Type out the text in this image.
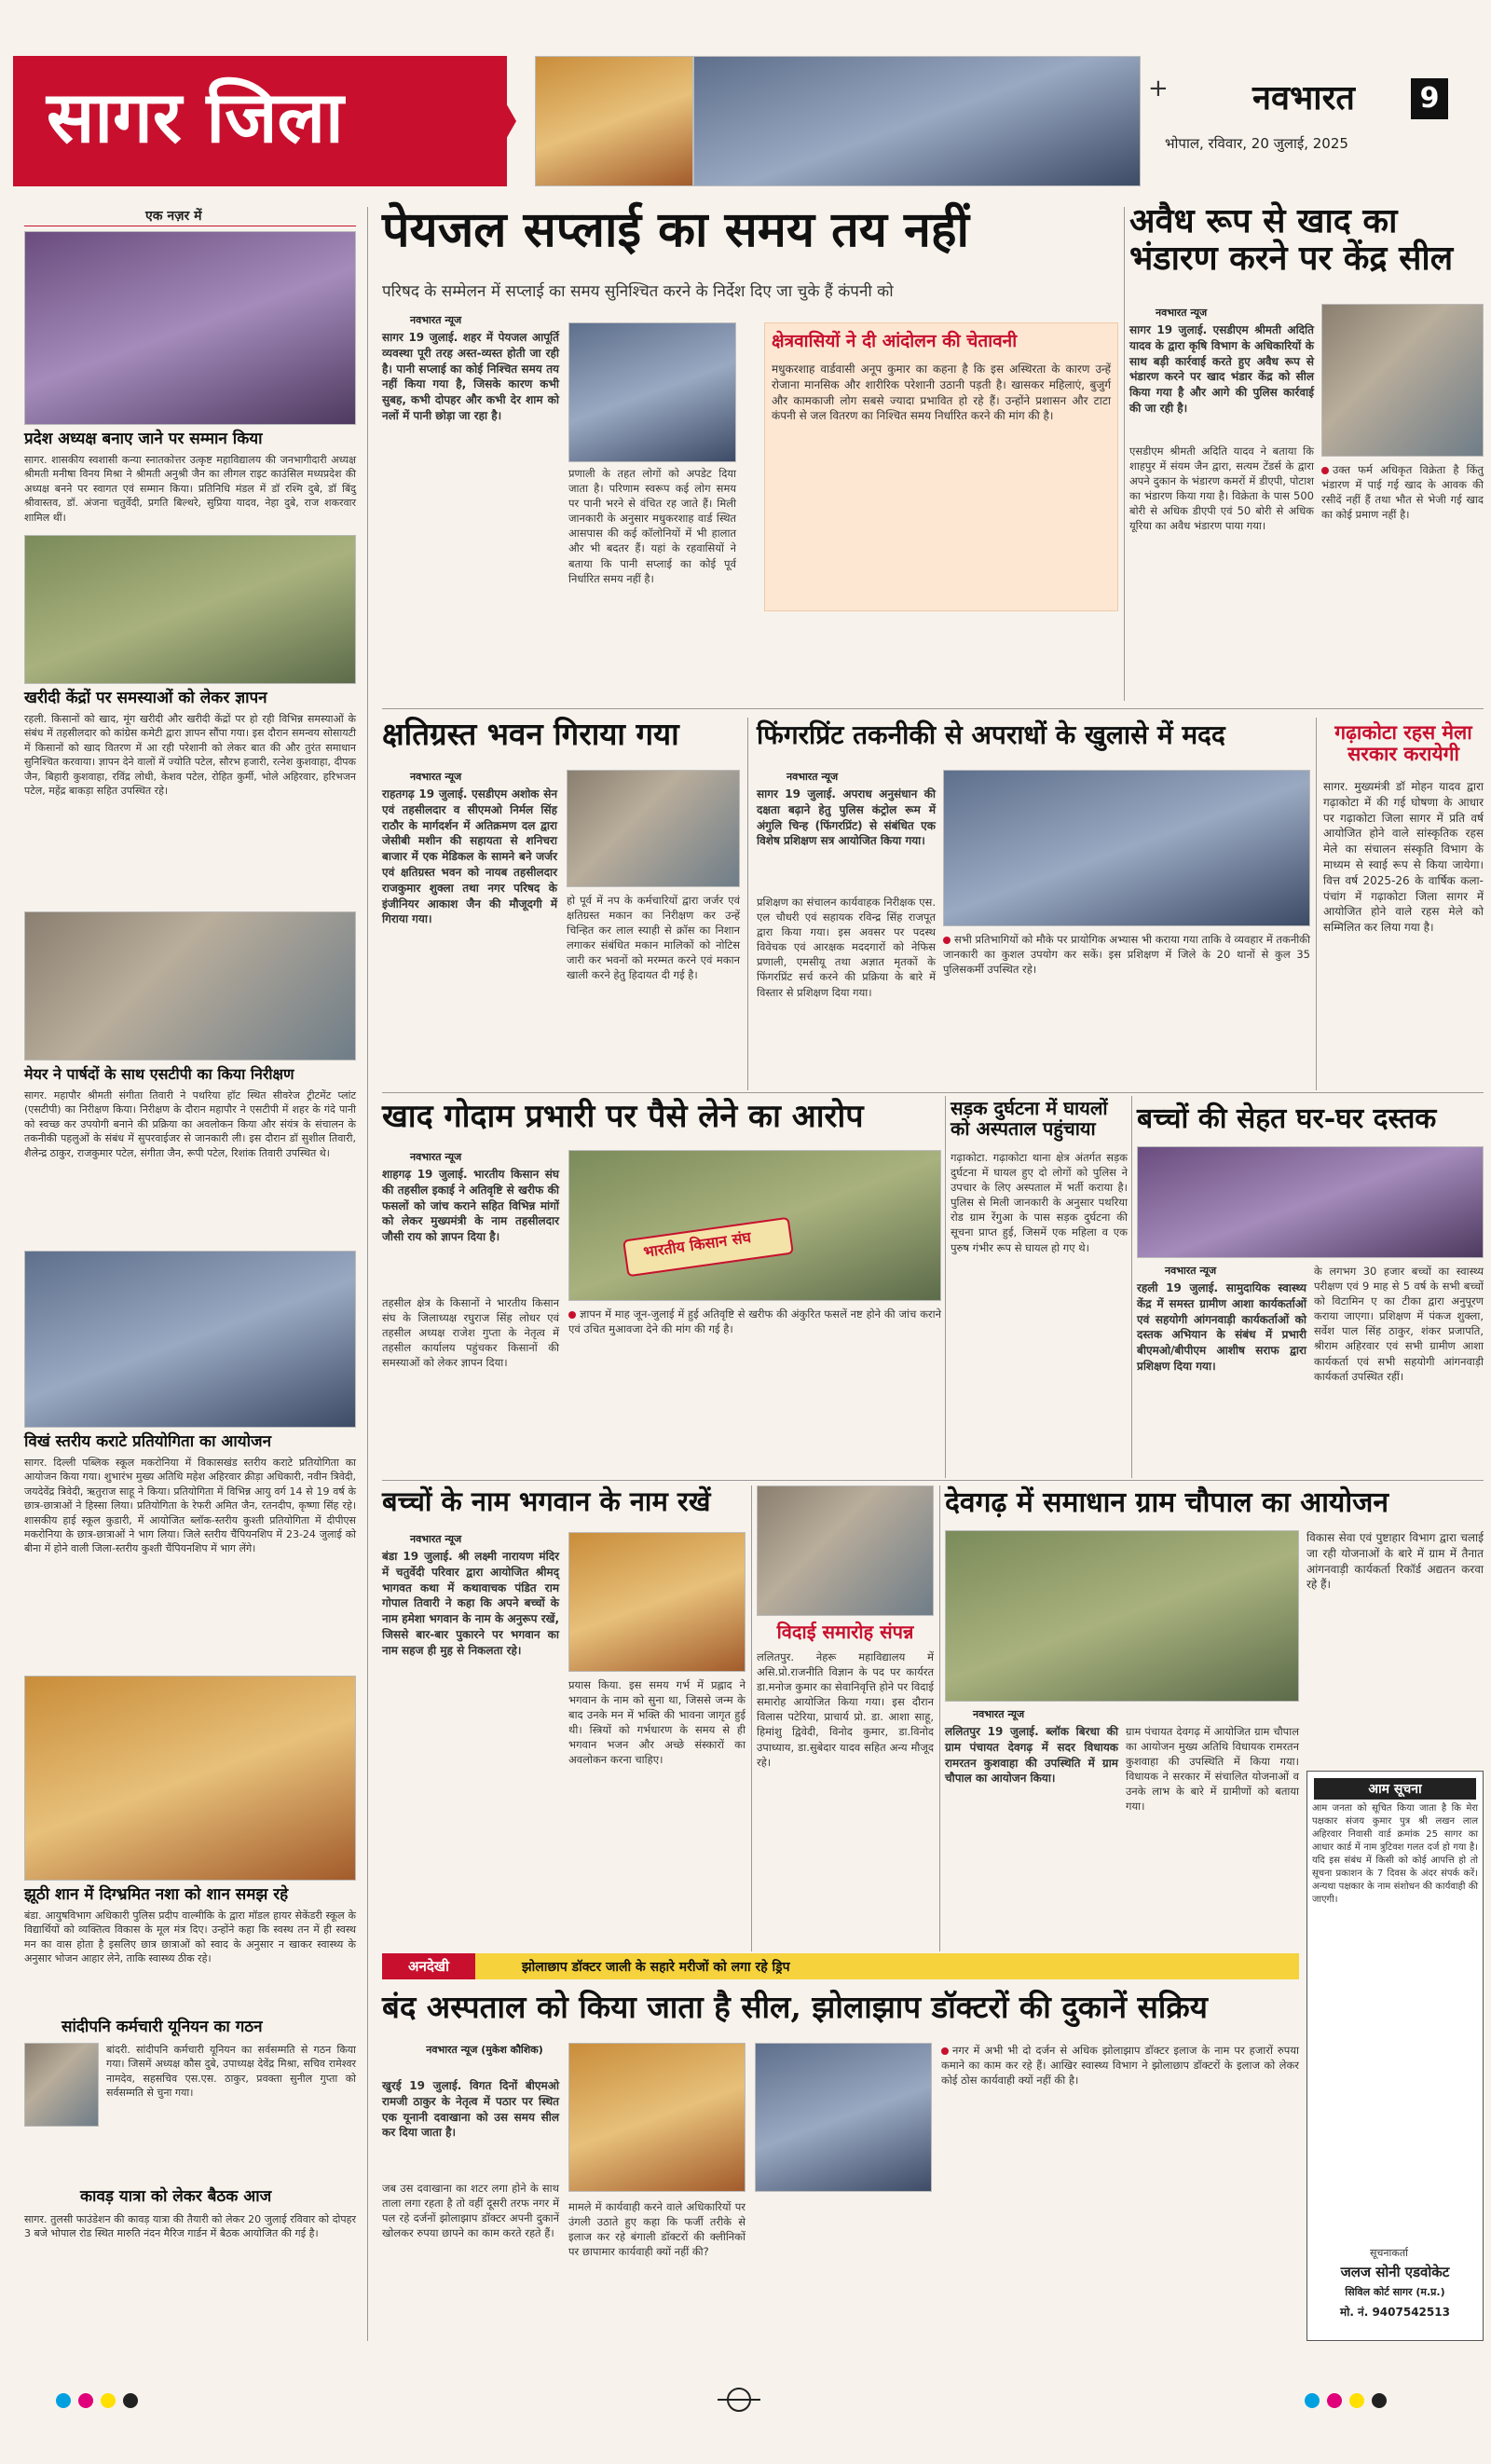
सागर जिला	+	नवभारत	9
भोपाल, रविवार, 20 जुलाई, 2025
एक नज़र में
प्रदेश अध्यक्ष बनाए जाने पर सम्मान किया
सागर. शासकीय स्वशासी कन्या स्नातकोत्तर उत्कृष्ट महाविद्यालय की जनभागीदारी अध्यक्ष श्रीमती मनीषा विनय मिश्रा ने श्रीमती अनुश्री जैन का लीगल राइट काउंसिल मध्यप्रदेश की अध्यक्ष बनने पर स्वागत एवं सम्मान किया। प्रतिनिधि मंडल में डॉ रश्मि दुबे, डॉ बिंदु श्रीवास्तव, डॉ. अंजना चतुर्वेदी, प्रगति बिल्थरे, सुप्रिया यादव, नेहा दुबे, राज शकरवार शामिल थीं।
खरीदी केंद्रों पर समस्याओं को लेकर ज्ञापन
रहली. किसानों को खाद, मूंग खरीदी और खरीदी केंद्रों पर हो रही विभिन्न समस्याओं के संबंध में तहसीलदार को कांग्रेस कमेटी द्वारा ज्ञापन सौंपा गया। इस दौरान समन्वय सोसायटी में किसानों को खाद वितरण में आ रही परेशानी को लेकर बात की और तुरंत समाधान सुनिश्चित करवाया। ज्ञापन देने वालों में ज्योति पटेल, सौरभ हजारी, रत्नेश कुशवाहा, दीपक जैन, बिहारी कुशवाहा, रविंद्र लोधी, केशव पटेल, रोहित कुर्मी, भोले अहिरवार, हरिभजन पटेल, महेंद्र बाकड़ा सहित उपस्थित रहे।
मेयर ने पार्षदों के साथ एसटीपी का किया निरीक्षण
सागर. महापौर श्रीमती संगीता तिवारी ने पथरिया हॉट स्थित सीवरेज ट्रीटमेंट प्लांट (एसटीपी) का निरीक्षण किया। निरीक्षण के दौरान महापौर ने एसटीपी में शहर के गंदे पानी को स्वच्छ कर उपयोगी बनाने की प्रक्रिया का अवलोकन किया और संयंत्र के संचालन के तकनीकी पहलुओं के संबंध में सुपरवाईजर से जानकारी ली। इस दौरान डॉ सुशील तिवारी, शैलेन्द्र ठाकुर, राजकुमार पटेल, संगीता जैन, रूपी पटेल, रिशांक तिवारी उपस्थित थे।
विखं स्तरीय कराटे प्रतियोगिता का आयोजन
सागर. दिल्ली पब्लिक स्कूल मकरोनिया में विकासखंड स्तरीय कराटे प्रतियोगिता का आयोजन किया गया। शुभारंभ मुख्य अतिथि महेश अहिरवार क्रीड़ा अधिकारी, नवीन त्रिवेदी, जयदेवेंद्र त्रिवेदी, ऋतुराज साहू ने किया। प्रतियोगिता में विभिन्न आयु वर्ग 14 से 19 वर्ष के छात्र-छात्राओं ने हिस्सा लिया। प्रतियोगिता के रेफरी अमित जैन, रतनदीप, कृष्णा सिंह रहे। शासकीय हाई स्कूल कुडारी, में आयोजित ब्लॉक-स्तरीय कुश्ती प्रतियोगिता में दीपीएस मकरोनिया के छात्र-छात्राओं ने भाग लिया। जिले स्तरीय चैंपियनशिप में 23-24 जुलाई को बीना में होने वाली जिला-स्तरीय कुश्ती चैंपियनशिप में भाग लेंगे।
झूठी शान में दिग्भ्रमित नशा को शान समझ रहे
बंडा. आयुषविभाग अधिकारी पुलिस प्रदीप वाल्मीकि के द्वारा मॉडल हायर सेकेंडरी स्कूल के विद्यार्थियों को व्यक्तित्व विकास के मूल मंत्र दिए। उन्होंने कहा कि स्वस्थ तन में ही स्वस्थ मन का वास होता है इसलिए छात्र छात्राओं को स्वाद के अनुसार न खाकर स्वास्थ्य के अनुसार भोजन आहार लेने, ताकि स्वास्थ्य ठीक रहे।
सांदीपनि कर्मचारी यूनियन का गठन
बांदरी. सांदीपनि कर्मचारी यूनियन का सर्वसम्मति से गठन किया गया। जिसमें अध्यक्ष कौस दुबे, उपाध्यक्ष देवेंद्र मिश्रा, सचिव रामेश्वर नामदेव, सहसचिव एस.एस. ठाकुर, प्रवक्ता सुनील गुप्ता को सर्वसम्मति से चुना गया।
कावड़ यात्रा को लेकर बैठक आज
सागर. तुलसी फाउंडेशन की कावड़ यात्रा की तैयारी को लेकर 20 जुलाई रविवार को दोपहर 3 बजे भोपाल रोड स्थित मारुति नंदन मैरिज गार्डन में बैठक आयोजित की गई है।
पेयजल सप्लाई का समय तय नहीं
परिषद के सम्मेलन में सप्लाई का समय सुनिश्चित करने के निर्देश दिए जा चुके हैं कंपनी को
नवभारत न्यूज
सागर 19 जुलाई. शहर में पेयजल आपूर्ति व्यवस्था पूरी तरह अस्त-व्यस्त होती जा रही है। पानी सप्लाई का कोई निश्चित समय तय नहीं किया गया है, जिसके कारण कभी सुबह, कभी दोपहर और कभी देर शाम को नलों में पानी छोड़ा जा रहा है।
प्रणाली के तहत लोगों को अपडेट दिया जाता है। परिणाम स्वरूप कई लोग समय पर पानी भरने से वंचित रह जाते हैं। मिली जानकारी के अनुसार मधुकरशाह वार्ड स्थित आसपास की कई कॉलोनियों में भी हालात और भी बदतर हैं। यहां के रहवासियों ने बताया कि पानी सप्लाई का कोई पूर्व निर्धारित समय नहीं है।
क्षेत्रवासियों ने दी आंदोलन की चेतावनी
मधुकरशाह वार्डवासी अनूप कुमार का कहना है कि इस अस्थिरता के कारण उन्हें रोजाना मानसिक और शारीरिक परेशानी उठानी पड़ती है। खासकर महिलाएं, बुजुर्ग और कामकाजी लोग सबसे ज्यादा प्रभावित हो रहे हैं। उन्होंने प्रशासन और टाटा कंपनी से जल वितरण का निश्चित समय निर्धारित करने की मांग की है।
अवैध रूप से खाद का भंडारण करने पर केंद्र सील
नवभारत न्यूज
सागर 19 जुलाई. एसडीएम श्रीमती अदिति यादव के द्वारा कृषि विभाग के अधिकारियों के साथ बड़ी कार्रवाई करते हुए अवैध रूप से भंडारण करने पर खाद भंडार केंद्र को सील किया गया है और आगे की पुलिस कार्रवाई की जा रही है।
एसडीएम श्रीमती अदिति यादव ने बताया कि शाहपुर में संयम जैन द्वारा, सत्यम टेंडर्स के द्वारा अपने दुकान के भंडारण कमरों में डीएपी, पोटाश का भंडारण किया गया है। विक्रेता के पास 500 बोरी से अधिक डीएपी एवं 50 बोरी से अधिक यूरिया का अवैध भंडारण पाया गया।
उक्त फर्म अधिकृत विक्रेता है किंतु भंडारण में पाई गई खाद के आवक की रसीदें नहीं हैं तथा भौत से भेजी गई खाद का कोई प्रमाण नहीं है।
क्षतिग्रस्त भवन गिराया गया
नवभारत न्यूज
राहतगढ़ 19 जुलाई. एसडीएम अशोक सेन एवं तहसीलदार व सीएमओ निर्मल सिंह राठौर के मार्गदर्शन में अतिक्रमण दल द्वारा जेसीबी मशीन की सहायता से शनिचरा बाजार में एक मेडिकल के सामने बने जर्जर एवं क्षतिग्रस्त भवन को नायब तहसीलदार राजकुमार शुक्ला तथा नगर परिषद के इंजीनियर आकाश जैन की मौजूदगी में गिराया गया।
हो पूर्व में नप के कर्मचारियों द्वारा जर्जर एवं क्षतिग्रस्त मकान का निरीक्षण कर उन्हें चिन्हित कर लाल स्याही से क्रॉस का निशान लगाकर संबंधित मकान मालिकों को नोटिस जारी कर भवनों को मरम्मत करने एवं मकान खाली करने हेतु हिदायत दी गई है।
फिंगरप्रिंट तकनीकी से अपराधों के खुलासे में मदद
नवभारत न्यूज
सागर 19 जुलाई. अपराध अनुसंधान की दक्षता बढ़ाने हेतु पुलिस कंट्रोल रूम में अंगुलि चिन्ह (फिंगरप्रिंट) से संबंधित एक विशेष प्रशिक्षण सत्र आयोजित किया गया।
प्रशिक्षण का संचालन कार्यवाहक निरीक्षक एस. एल चौधरी एवं सहायक रविन्द्र सिंह राजपूत द्वारा किया गया। इस अवसर पर पदस्थ विवेचक एवं आरक्षक मददगारों को नेफिस प्रणाली, एमसीयू तथा अज्ञात मृतकों के फिंगरप्रिंट सर्च करने की प्रक्रिया के बारे में विस्तार से प्रशिक्षण दिया गया।
सभी प्रतिभागियों को मौके पर प्रायोगिक अभ्यास भी कराया गया ताकि वे व्यवहार में तकनीकी जानकारी का कुशल उपयोग कर सकें। इस प्रशिक्षण में जिले के 20 थानों से कुल 35 पुलिसकर्मी उपस्थित रहे।
गढ़ाकोटा रहस मेला सरकार करायेगी
सागर. मुख्यमंत्री डॉ मोहन यादव द्वारा गढ़ाकोटा में की गई घोषणा के आधार पर गढ़ाकोटा जिला सागर में प्रति वर्ष आयोजित होने वाले सांस्कृतिक रहस मेले का संचालन संस्कृति विभाग के माध्यम से स्वाई रूप से किया जायेगा। वित्त वर्ष 2025-26 के वार्षिक कला-पंचांग में गढ़ाकोटा जिला सागर में आयोजित होने वाले रहस मेले को सम्मिलित कर लिया गया है।
खाद गोदाम प्रभारी पर पैसे लेने का आरोप
नवभारत न्यूज
शाहगढ़ 19 जुलाई. भारतीय किसान संघ की तहसील इकाई ने अतिवृष्टि से खरीफ की फसलों को जांच कराने सहित विभिन्न मांगों को लेकर मुख्यमंत्री के नाम तहसीलदार जौसी राय को ज्ञापन दिया है।
तहसील क्षेत्र के किसानों ने भारतीय किसान संघ के जिलाध्यक्ष रघुराज सिंह लोधर एवं तहसील अध्यक्ष राजेश गुप्ता के नेतृत्व में तहसील कार्यालय पहुंचकर किसानों की समस्याओं को लेकर ज्ञापन दिया।
भारतीय किसान संघ
ज्ञापन में माह जून-जुलाई में हुई अतिवृष्टि से खरीफ की अंकुरित फसलें नष्ट होने की जांच कराने एवं उचित मुआवजा देने की मांग की गई है।
सड़क दुर्घटना में घायलों को अस्पताल पहुंचाया
गढ़ाकोटा. गढ़ाकोटा थाना क्षेत्र अंतर्गत सड़क दुर्घटना में घायल हुए दो लोगों को पुलिस ने उपचार के लिए अस्पताल में भर्ती कराया है। पुलिस से मिली जानकारी के अनुसार पथरिया रोड ग्राम रेंगुआ के पास सड़क दुर्घटना की सूचना प्राप्त हुई, जिसमें एक महिला व एक पुरुष गंभीर रूप से घायल हो गए थे।
बच्चों की सेहत घर-घर दस्तक
नवभारत न्यूज
रहली 19 जुलाई. सामुदायिक स्वास्थ्य केंद्र में समस्त ग्रामीण आशा कार्यकर्ताओं एवं सहयोगी आंगनवाड़ी कार्यकर्ताओं को दस्तक अभियान के संबंध में प्रभारी बीएमओ/बीपीएम आशीष सराफ द्वारा प्रशिक्षण दिया गया।
के लगभग 30 हजार बच्चों का स्वास्थ्य परीक्षण एवं 9 माह से 5 वर्ष के सभी बच्चों को विटामिन ए का टीका द्वारा अनुपूरण कराया जाएगा। प्रशिक्षण में पंकज शुक्ला, सर्वेश पाल सिंह ठाकुर, शंकर प्रजापति, श्रीराम अहिरवार एवं सभी ग्रामीण आशा कार्यकर्ता एवं सभी सहयोगी आंगनवाड़ी कार्यकर्ता उपस्थित रहीं।
बच्चों के नाम भगवान के नाम रखें
नवभारत न्यूज
बंडा 19 जुलाई. श्री लक्ष्मी नारायण मंदिर में चतुर्वेदी परिवार द्वारा आयोजित श्रीमद् भागवत कथा में कथावाचक पंडित राम गोपाल तिवारी ने कहा कि अपने बच्चों के नाम हमेशा भगवान के नाम के अनुरूप रखें, जिससे बार-बार पुकारने पर भगवान का नाम सहज ही मुह से निकलता रहे।
प्रयास किया. इस समय गर्भ में प्रह्लाद ने भगवान के नाम को सुना था, जिससे जन्म के बाद उनके मन में भक्ति की भावना जागृत हुई थी। स्त्रियों को गर्भधारण के समय से ही भगवान भजन और अच्छे संस्कारों का अवलोकन करना चाहिए।
विदाई समारोह संपन्न
ललितपुर. नेहरू महाविद्यालय में असि.प्रो.राजनीति विज्ञान के पद पर कार्यरत डा.मनोज कुमार का सेवानिवृत्ति होने पर विदाई समारोह आयोजित किया गया। इस दौरान विलास पटेरिया, प्राचार्य प्रो. डा. आशा साहू, हिमांशु द्विवेदी, विनोद कुमार, डा.विनोद उपाध्याय, डा.सुबेदार यादव सहित अन्य मौजूद रहे।
देवगढ़ में समाधान ग्राम चौपाल का आयोजन
नवभारत न्यूज
ललितपुर 19 जुलाई. ब्लॉक बिरधा की ग्राम पंचायत देवगढ़ में सदर विधायक रामरतन कुशवाहा की उपस्थिति में ग्राम चौपाल का आयोजन किया।
ग्राम पंचायत देवगढ़ में आयोजित ग्राम चौपाल का आयोजन मुख्य अतिथि विधायक रामरतन कुशवाहा की उपस्थिति में किया गया। विधायक ने सरकार में संचालित योजनाओं व उनके लाभ के बारे में ग्रामीणों को बताया गया।
विकास सेवा एवं पुष्टाहार विभाग द्वारा चलाई जा रही योजनाओं के बारे में ग्राम में तैनात आंगनवाड़ी कार्यकर्ता रिकॉर्ड अद्यतन करवा रहे हैं।
आम सूचना
आम जनता को सूचित किया जाता है कि मेरा पक्षकार संजय कुमार पुत्र श्री लखन लाल अहिरवार निवासी वार्ड क्रमांक 25 सागर का आधार कार्ड में नाम त्रुटिवश गलत दर्ज हो गया है। यदि इस संबंध में किसी को कोई आपत्ति हो तो सूचना प्रकाशन के 7 दिवस के अंदर संपर्क करें। अन्यथा पक्षकार के नाम संशोधन की कार्यवाही की जाएगी।
सूचनाकर्ता
जलज सोनी एडवोकेट
सिविल कोर्ट सागर (म.प्र.)
मो. नं. 9407542513
अनदेखी	झोलाछाप डॉक्टर जाली के सहारे मरीजों को लगा रहे ड्रिप
बंद अस्पताल को किया जाता है सील, झोलाझाप डॉक्टरों की दुकानें सक्रिय
नवभारत न्यूज (मुकेश कौशिक)
खुरई 19 जुलाई. विगत दिनों बीएमओ रामजी ठाकुर के नेतृत्व में पठार पर स्थित एक यूनानी दवाखाना को उस समय सील कर दिया जाता है।
जब उस दवाखाना का शटर लगा होने के साथ ताला लगा रहता है तो वहीं दूसरी तरफ नगर में पल रहे दर्जनों झोलाझाप डॉक्टर अपनी दुकानें खोलकर रुपया छापने का काम करते रहते हैं।
मामले में कार्यवाही करने वाले अधिकारियों पर उंगली उठाते हुए कहा कि फर्जी तरीके से इलाज कर रहे बंगाली डॉक्टरों की क्लीनिकों पर छापामार कार्यवाही क्यों नहीं की?
नगर में अभी भी दो दर्जन से अधिक झोलाझाप डॉक्टर इलाज के नाम पर हजारों रुपया कमाने का काम कर रहे हैं। आखिर स्वास्थ्य विभाग ने झोलाछाप डॉक्टरों के इलाज को लेकर कोई ठोस कार्यवाही क्यों नहीं की है।
